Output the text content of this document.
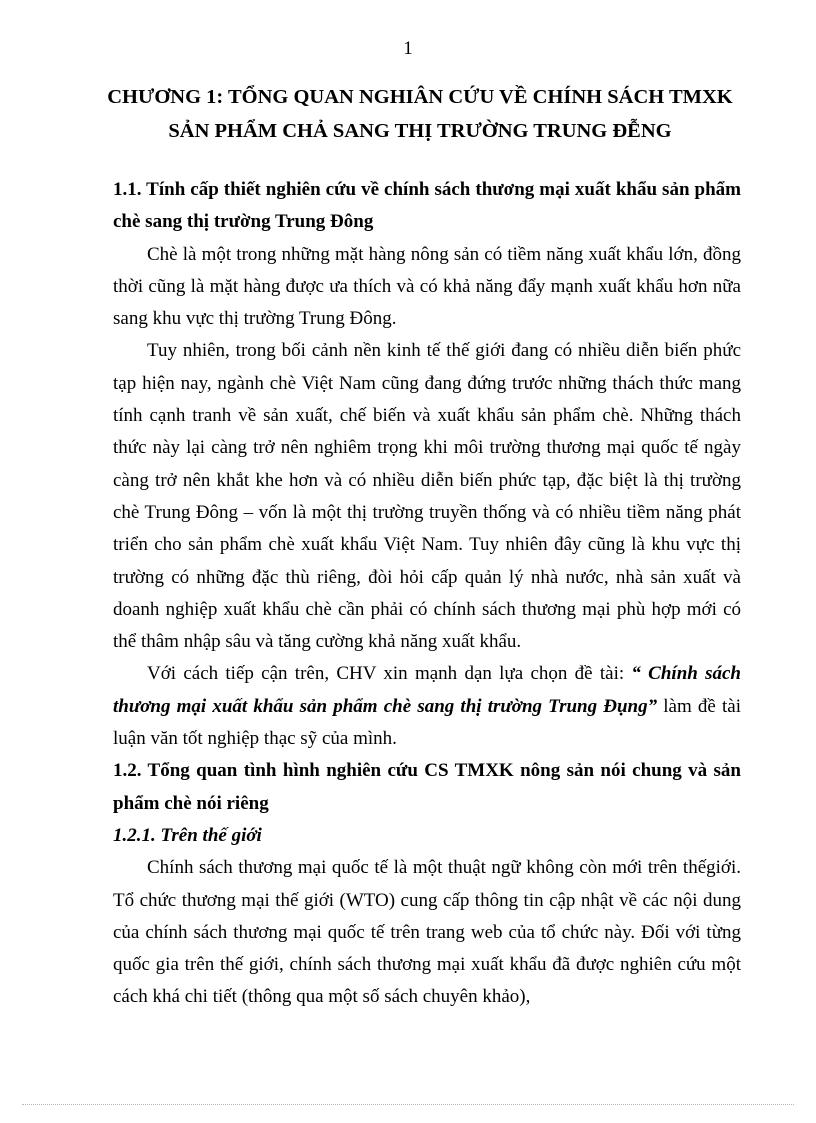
1
CHƯƠNG 1: TỔNG QUAN NGHIÂN CỨU VỀ CHÍNH SÁCH TMXK
SẢN PHẨM CHẢ SANG THỊ TRƯỜNG TRUNG ĐỄNG

1.1. Tính cấp thiết nghiên cứu về chính sách thương mại xuất khẩu sản phẩm chè sang thị trường Trung Đông

Chè là một trong những mặt hàng nông sản có tiềm năng xuất khẩu lớn, đồng thời cũng là mặt hàng được ưa thích và có khả năng đẩy mạnh xuất khẩu hơn nữa sang khu vực thị trường Trung Đông.

Tuy nhiên, trong bối cảnh nền kinh tế thế giới đang có nhiều diễn biến phức tạp hiện nay, ngành chè Việt Nam cũng đang đứng trước những thách thức mang tính cạnh tranh về sản xuất, chế biến và xuất khẩu sản phẩm chè. Những thách thức này lại càng trở nên nghiêm trọng khi môi trường thương mại quốc tế ngày càng trở nên khắt khe hơn và có nhiều diễn biến phức tạp, đặc biệt là thị trường chè Trung Đông – vốn là một thị trường truyền thống và có nhiều tiềm năng phát triển cho sản phẩm chè xuất khẩu Việt Nam. Tuy nhiên đây cũng là khu vực thị trường có những đặc thù riêng, đòi hỏi cấp quản lý nhà nước, nhà sản xuất và doanh nghiệp xuất khẩu chè cần phải có chính sách thương mại phù hợp mới có thể thâm nhập sâu và tăng cường khả năng xuất khẩu.

Với cách tiếp cận trên, CHV xin mạnh dạn lựa chọn đề tài: “ Chính sách thương mại xuất khẩu sản phẩm chè sang thị trường Trung Đụng” làm đề tài luận văn tốt nghiệp thạc sỹ của mình.

1.2. Tổng quan tình hình nghiên cứu CS TMXK nông sản nói chung và sản phẩm chè nói riêng

1.2.1. Trên thế giới

Chính sách thương mại quốc tế là một thuật ngữ không còn mới trên thếgiới. Tổ chức thương mại thế giới (WTO) cung cấp thông tin cập nhật về các nội dung của chính sách thương mại quốc tế trên trang web của tổ chức này. Đối với từng quốc gia trên thế giới, chính sách thương mại xuất khẩu đã được nghiên cứu một cách khá chi tiết (thông qua một số sách chuyên khảo),
